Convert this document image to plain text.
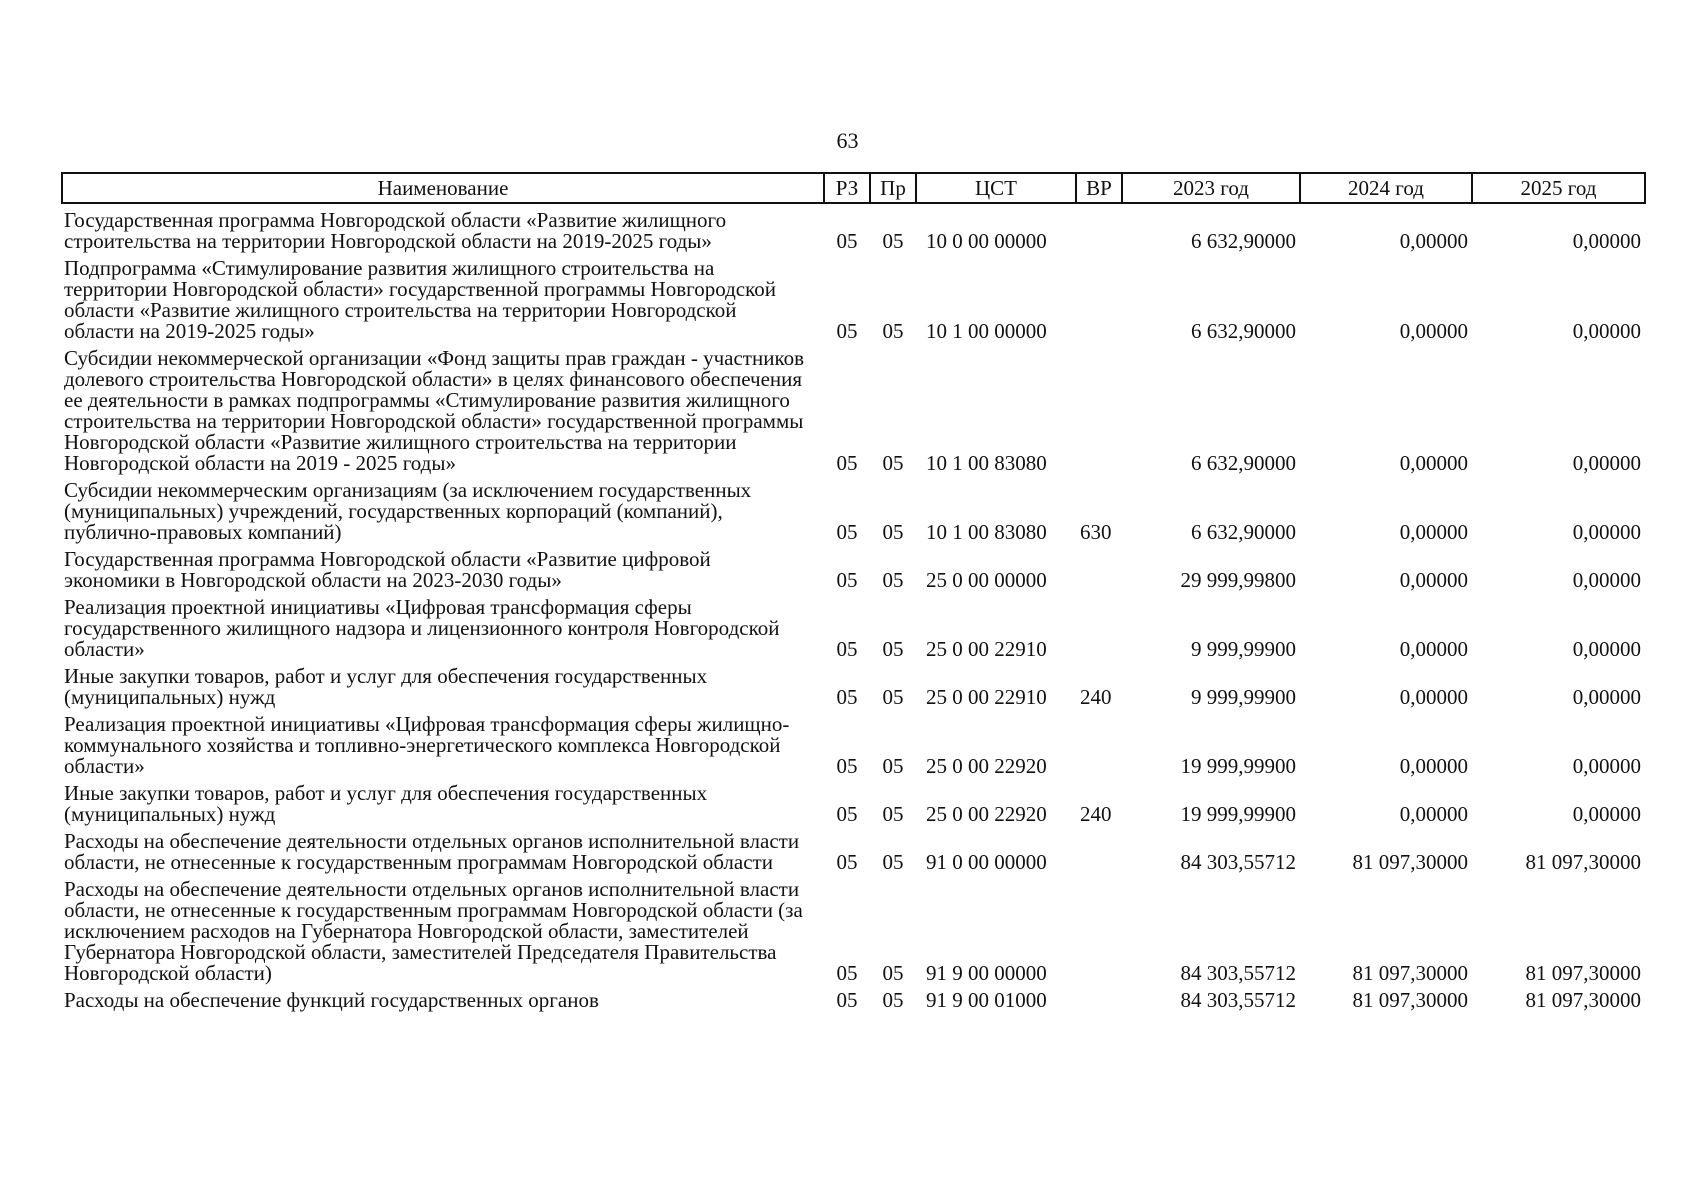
63
Наименование	РЗ	Пр	ЦСТ	ВР	2023 год	2024 год	2025 год
Государственная программа Новгородской области «Развитие жилищного строительства на территории Новгородской области на 2019-2025 годы»	05	05	10 0 00 00000		6 632,90000	0,00000	0,00000
Подпрограмма «Стимулирование развития жилищного строительства на территории Новгородской области» государственной программы Новгородской области «Развитие жилищного строительства на территории Новгородской области на 2019-2025 годы»	05	05	10 1 00 00000		6 632,90000	0,00000	0,00000
Субсидии некоммерческой организации «Фонд защиты прав граждан - участников долевого строительства Новгородской области» в целях финансового обеспечения ее деятельности в рамках подпрограммы «Стимулирование развития жилищного строительства на территории Новгородской области» государственной программы Новгородской области «Развитие жилищного строительства на территории Новгородской области на 2019 - 2025 годы»	05	05	10 1 00 83080		6 632,90000	0,00000	0,00000
Субсидии некоммерческим организациям (за исключением государственных (муниципальных) учреждений, государственных корпораций (компаний), публично-правовых компаний)	05	05	10 1 00 83080	630	6 632,90000	0,00000	0,00000
Государственная программа Новгородской области «Развитие цифровой экономики в Новгородской области на 2023-2030 годы»	05	05	25 0 00 00000		29 999,99800	0,00000	0,00000
Реализация проектной инициативы «Цифровая трансформация сферы государственного жилищного надзора и лицензионного контроля Новгородской области»	05	05	25 0 00 22910		9 999,99900	0,00000	0,00000
Иные закупки товаров, работ и услуг для обеспечения государственных (муниципальных) нужд	05	05	25 0 00 22910	240	9 999,99900	0,00000	0,00000
Реализация проектной инициативы «Цифровая трансформация сферы жилищно-коммунального хозяйства и топливно-энергетического комплекса Новгородской области»	05	05	25 0 00 22920		19 999,99900	0,00000	0,00000
Иные закупки товаров, работ и услуг для обеспечения государственных (муниципальных) нужд	05	05	25 0 00 22920	240	19 999,99900	0,00000	0,00000
Расходы на обеспечение деятельности отдельных органов исполнительной власти области, не отнесенные к государственным программам Новгородской области	05	05	91 0 00 00000		84 303,55712	81 097,30000	81 097,30000
Расходы на обеспечение деятельности отдельных органов исполнительной власти области, не отнесенные к государственным программам Новгородской области (за исключением расходов на Губернатора Новгородской области, заместителей Губернатора Новгородской области, заместителей Председателя Правительства Новгородской области)	05	05	91 9 00 00000		84 303,55712	81 097,30000	81 097,30000
Расходы на обеспечение функций государственных органов	05	05	91 9 00 01000		84 303,55712	81 097,30000	81 097,30000
